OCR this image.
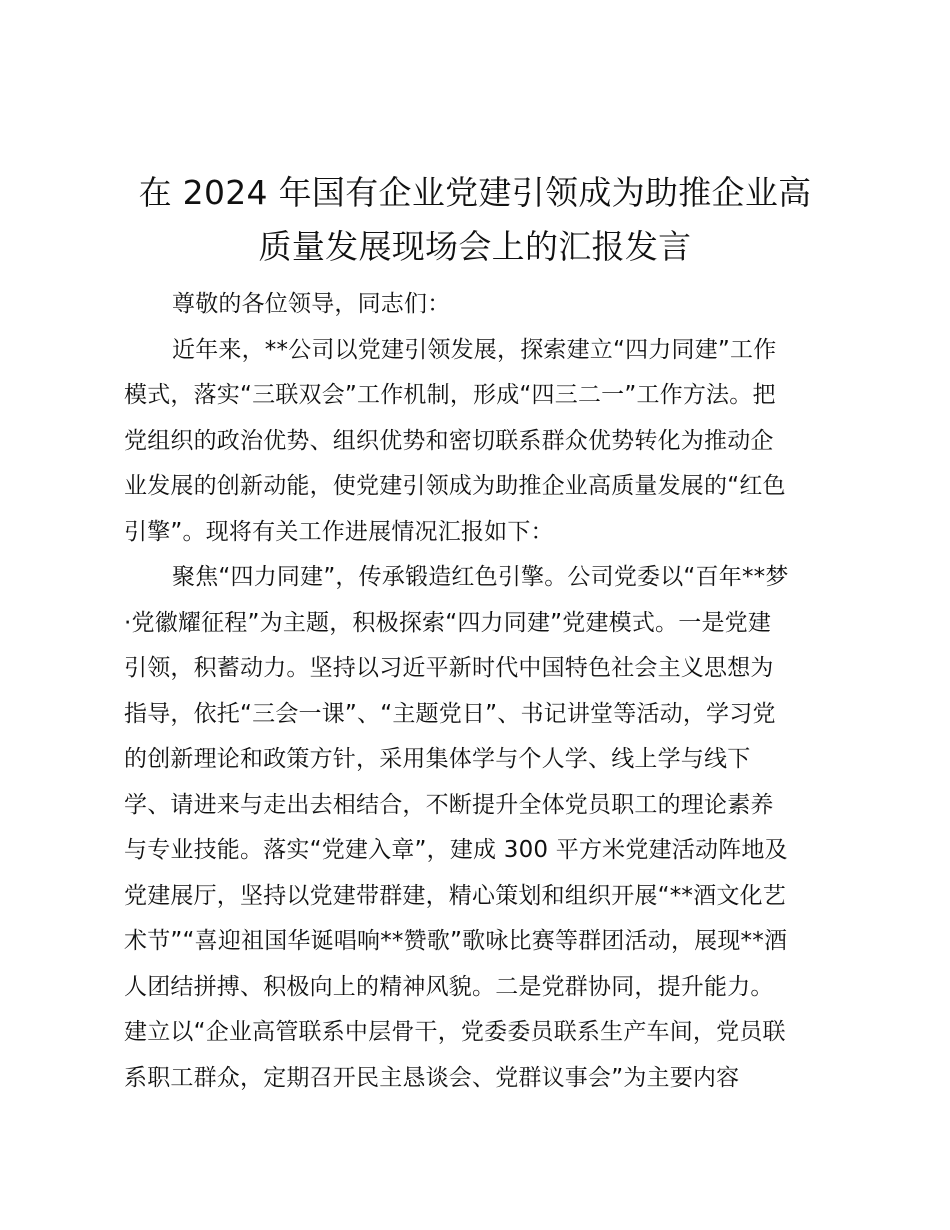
在 2024 年国有企业党建引领成为助推企业高
质量发展现场会上的汇报发言
尊敬的各位领导，同志们：
近年来，**公司以党建引领发展，探索建立“四力同建”工作
模式，落实“三联双会”工作机制，形成“四三二一”工作方法。把
党组织的政治优势、组织优势和密切联系群众优势转化为推动企
业发展的创新动能，使党建引领成为助推企业高质量发展的“红色
引擎”。现将有关工作进展情况汇报如下：
聚焦“四力同建”，传承锻造红色引擎。公司党委以“百年**梦
·党徽耀征程”为主题，积极探索“四力同建”党建模式。一是党建
引领，积蓄动力。坚持以习近平新时代中国特色社会主义思想为
指导，依托“三会一课”、“主题党日”、书记讲堂等活动，学习党
的创新理论和政策方针，采用集体学与个人学、线上学与线下
学、请进来与走出去相结合，不断提升全体党员职工的理论素养
与专业技能。落实“党建入章”，建成 300 平方米党建活动阵地及
党建展厅，坚持以党建带群建，精心策划和组织开展“**酒文化艺
术节”“喜迎祖国华诞唱响**赞歌”歌咏比赛等群团活动，展现**酒
人团结拼搏、积极向上的精神风貌。二是党群协同，提升能力。
建立以“企业高管联系中层骨干，党委委员联系生产车间，党员联
系职工群众，定期召开民主恳谈会、党群议事会”为主要内容
